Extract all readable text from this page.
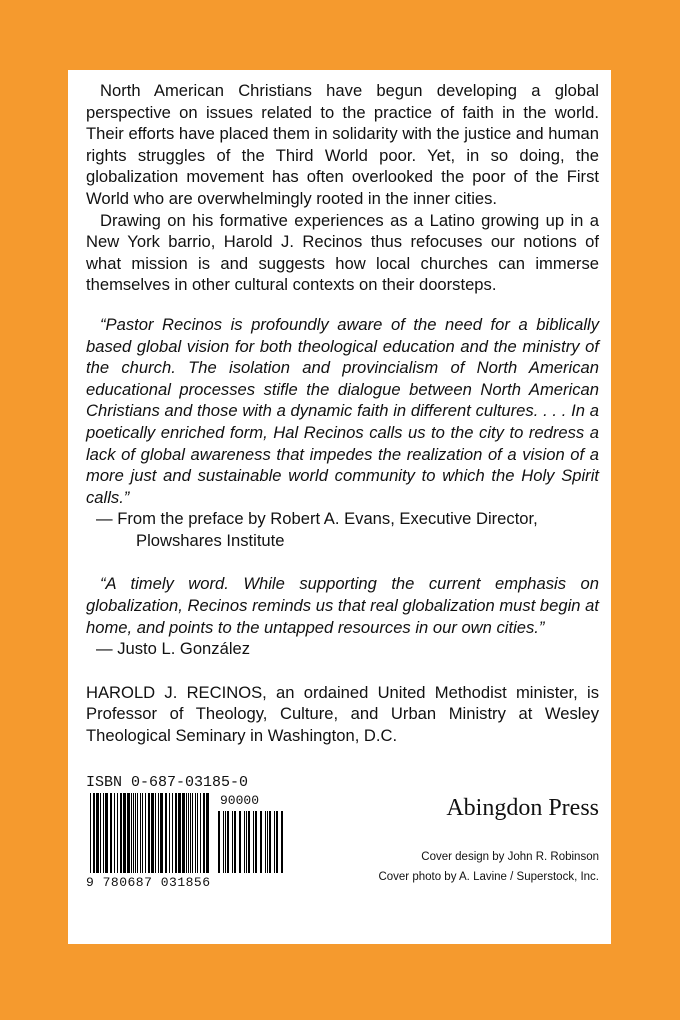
North American Christians have begun developing a global perspective on issues related to the practice of faith in the world. Their efforts have placed them in solidarity with the justice and human rights struggles of the Third World poor. Yet, in so doing, the globalization movement has often overlooked the poor of the First World who are overwhelmingly rooted in the inner cities.

Drawing on his formative experiences as a Latino growing up in a New York barrio, Harold J. Recinos thus refocuses our notions of what mission is and suggests how local churches can immerse themselves in other cultural contexts on their doorsteps.

“Pastor Recinos is profoundly aware of the need for a biblically based global vision for both theological education and the ministry of the church. The isolation and provincialism of North American educational processes stifle the dialogue between North American Christians and those with a dynamic faith in different cultures. . . . In a poetically enriched form, Hal Recinos calls us to the city to redress a lack of global awareness that impedes the realization of a vision of a more just and sustainable world community to which the Holy Spirit calls.”

— From the preface by Robert A. Evans, Executive Director,
Plowshares Institute

“A timely word. While supporting the current emphasis on globalization, Recinos reminds us that real globalization must begin at home, and points to the untapped resources in our own cities.”

— Justo L. González

HAROLD J. RECINOS, an ordained United Methodist minister, is Professor of Theology, Culture, and Urban Ministry at Wesley Theological Seminary in Washington, D.C.

ISBN 0-687-03185-0
90000
9 780687 031856
Abingdon Press
Cover design by John R. Robinson
Cover photo by A. Lavine / Superstock, Inc.
